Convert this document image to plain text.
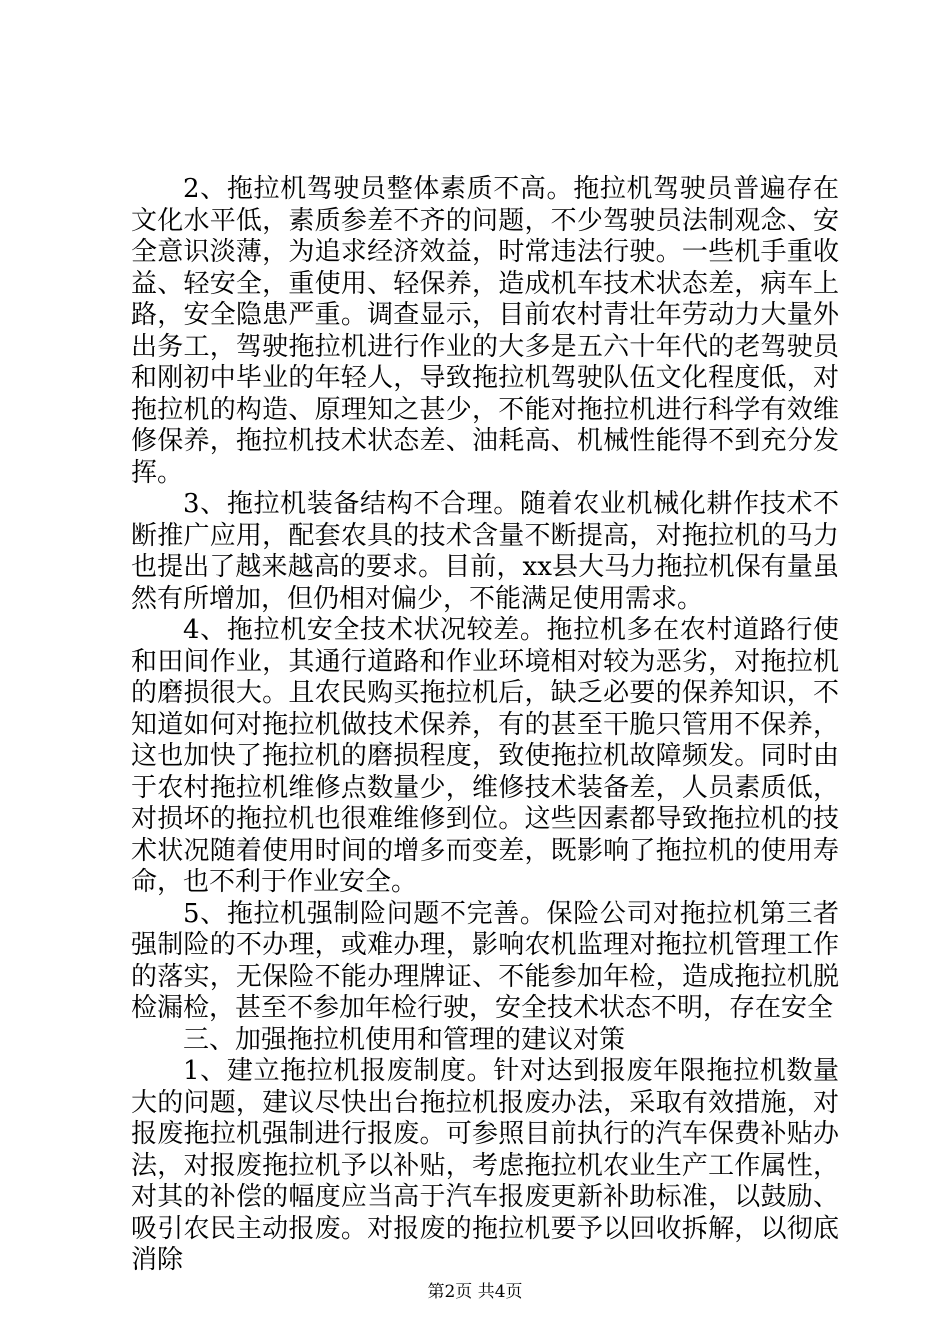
2、拖拉机驾驶员整体素质不高。拖拉机驾驶员普遍存在文化水平低，素质参差不齐的问题，不少驾驶员法制观念、安全意识淡薄，为追求经济效益，时常违法行驶。一些机手重收益、轻安全，重使用、轻保养，造成机车技术状态差，病车上路，安全隐患严重。调查显示，目前农村青壮年劳动力大量外出务工，驾驶拖拉机进行作业的大多是五六十年代的老驾驶员和刚初中毕业的年轻人，导致拖拉机驾驶队伍文化程度低，对拖拉机的构造、原理知之甚少，不能对拖拉机进行科学有效维修保养，拖拉机技术状态差、油耗高、机械性能得不到充分发挥。

3、拖拉机装备结构不合理。随着农业机械化耕作技术不断推广应用，配套农具的技术含量不断提高，对拖拉机的马力也提出了越来越高的要求。目前，xx县大马力拖拉机保有量虽然有所增加，但仍相对偏少，不能满足使用需求。

4、拖拉机安全技术状况较差。拖拉机多在农村道路行使和田间作业，其通行道路和作业环境相对较为恶劣，对拖拉机的磨损很大。且农民购买拖拉机后，缺乏必要的保养知识，不知道如何对拖拉机做技术保养，有的甚至干脆只管用不保养，这也加快了拖拉机的磨损程度，致使拖拉机故障频发。同时由于农村拖拉机维修点数量少，维修技术装备差，人员素质低，对损坏的拖拉机也很难维修到位。这些因素都导致拖拉机的技术状况随着使用时间的增多而变差，既影响了拖拉机的使用寿命，也不利于作业安全。

5、拖拉机强制险问题不完善。保险公司对拖拉机第三者强制险的不办理，或难办理，影响农机监理对拖拉机管理工作的落实，无保险不能办理牌证、不能参加年检，造成拖拉机脱检漏检，甚至不参加年检行驶，安全技术状态不明，存在安全

三、加强拖拉机使用和管理的建议对策

1、建立拖拉机报废制度。针对达到报废年限拖拉机数量大的问题，建议尽快出台拖拉机报废办法，采取有效措施，对报废拖拉机强制进行报废。可参照目前执行的汽车保费补贴办法，对报废拖拉机予以补贴，考虑拖拉机农业生产工作属性，对其的补偿的幅度应当高于汽车报废更新补助标准，以鼓励、吸引农民主动报废。对报废的拖拉机要予以回收拆解，以彻底消除

第2页 共4页
